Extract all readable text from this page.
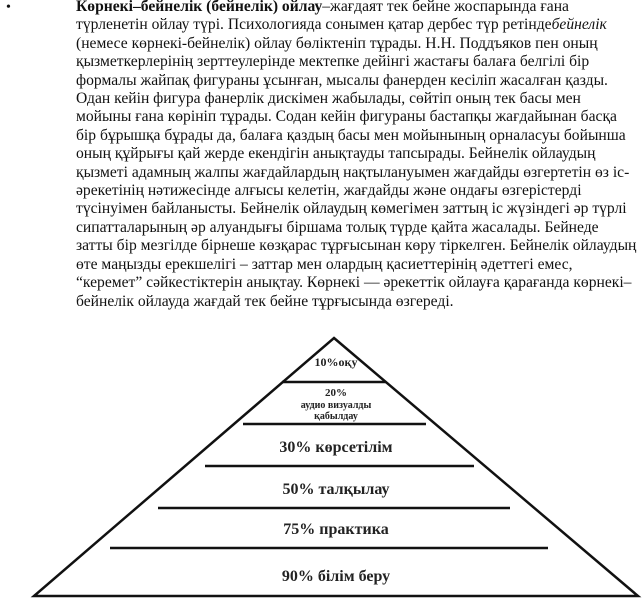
•	Көрнекі–бейнелік (бейнелік) ойлау–жағдаят тек бейне жоспарында ғана түрленетін ойлау түрі. Психологияда сонымен қатар дербес түр ретіндебейнелік (немесе көрнекі-бейнелік) ойлау бөлiктеніп тұрады. Н.Н. Поддъяков пен оның қызметкерлерінің зерттеулерінде мектепке дейінгі жастағы балаға белгілі бір формалы жайпақ фигураны ұсынған, мысалы фанерден кесіліп жасалған қазды. Одан кейін фигура фанерлік дискімен жабылады, сөйтіп оның тек басы мен мойыны ғана көрініп тұрады. Содан кейін фигураны бастапқы жағдайынан басқа бір бұрышқа бұрады да, балаға қаздың басы мен мойынының орналасуы бойынша оның құйрығы қай жерде екендігін анықтауды тапсырады. Бейнелік ойлаудың қызметі адамның жалпы жағдайлардың нақтылануымен жағдайды өзгертетін өз іс-әрекетінің нәтижесінде алғысы келетін, жағдайды және ондағы өзгерістерді түсінуімен байланысты. Бейнелік ойлаудың көмегімен заттың іс жүзіндегі әр түрлі сипатталарының әр алуандығы біршама толық түрде қайта жасалады. Бейнеде затты бір мезгілде бірнеше көзқарас тұрғысынан көру тіркелген. Бейнелік ойлаудың өте маңызды ерекшелігі – заттар мен олардың қасиеттерінің әдеттегі емес, “керемет” сәйкестіктерін анықтау. Көрнекі — әрекеттік ойлауға қарағанда көрнекі–бейнелік ойлауда жағдай тек бейне тұрғысында өзгереді.
10%оқу
20%
аудио визуалды
қабылдау
30% көрсетілім
50% талқылау
75% практика
90% білім беру
